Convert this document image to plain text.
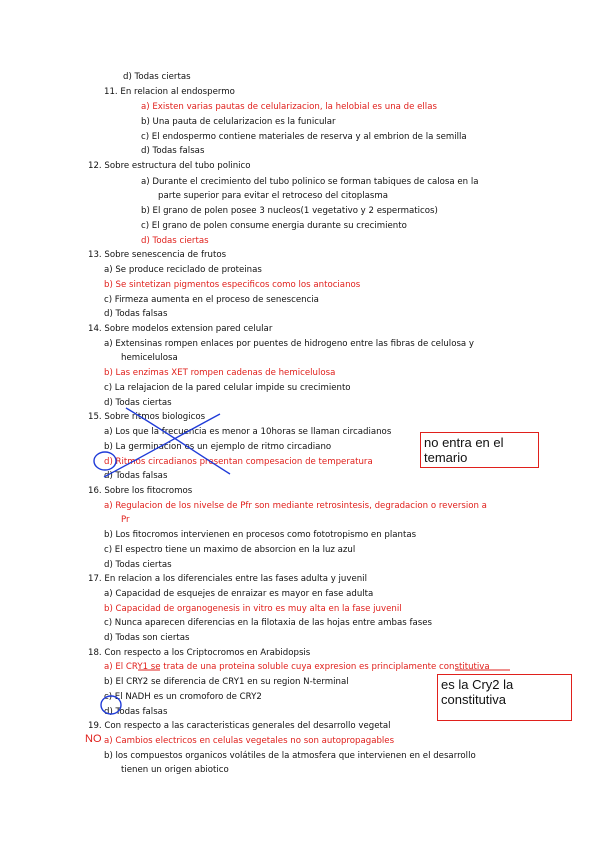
d) Todas ciertas
11. En relacion al endospermo
a) Existen varias pautas de celularizacion, la helobial es una de ellas
b) Una pauta de celularizacion es la funicular
c) El endospermo contiene materiales de reserva y al embrion de la semilla
d) Todas falsas
12. Sobre estructura del tubo polinico
a) Durante el crecimiento del tubo polinico se forman tabiques de calosa en la
parte superior para evitar el retroceso del citoplasma
b) El grano de polen posee 3 nucleos(1 vegetativo y 2 espermaticos)
c) El grano de polen consume energia durante su crecimiento
d) Todas ciertas
13. Sobre senescencia de frutos
a) Se produce reciclado de proteinas
b) Se sintetizan pigmentos especificos como los antocianos
c) Firmeza aumenta en el proceso de senescencia
d) Todas falsas
14. Sobre modelos extension pared celular
a) Extensinas rompen enlaces por puentes de hidrogeno entre las fibras de celulosa y
hemicelulosa
b) Las enzimas XET rompen cadenas de hemicelulosa
c) La relajacion de la pared celular impide su crecimiento
d) Todas ciertas
15. Sobre ritmos biologicos
a) Los que la frecuencia es menor a 10horas se llaman circadianos
b) La germinacion es un ejemplo de ritmo circadiano
d) Ritmos circadianos presentan compesacion de temperatura
d) Todas falsas
16. Sobre los fitocromos
a) Regulacion de los nivelse de Pfr son mediante retrosintesis, degradacion o reversion a
Pr
b) Los fitocromos intervienen en procesos como fototropismo en plantas
c) El espectro tiene un maximo de absorcion en la luz azul
d) Todas ciertas
17. En relacion a los diferenciales entre las fases adulta y juvenil
a) Capacidad de esquejes de enraizar es mayor en fase adulta
b) Capacidad de organogenesis in vitro es muy alta en la fase juvenil
c) Nunca aparecen diferencias en la filotaxia de las hojas entre ambas fases
d) Todas son ciertas
18. Con respecto a los Criptocromos en Arabidopsis
a) El CRY1 se trata de una proteina soluble cuya expresion es principlamente constitutiva
b) El CRY2 se diferencia de CRY1 en su region N-terminal
c) El NADH es un cromoforo de CRY2
d) Todas falsas
19. Con respecto a las caracteristicas generales del desarrollo vegetal
a) Cambios electricos en celulas vegetales no son autopropagables
b) los compuestos organicos volátiles de la atmosfera que intervienen en el desarrollo
tienen un origen abiotico
no entra en el temario
es la Cry2 la constitutiva
NO
